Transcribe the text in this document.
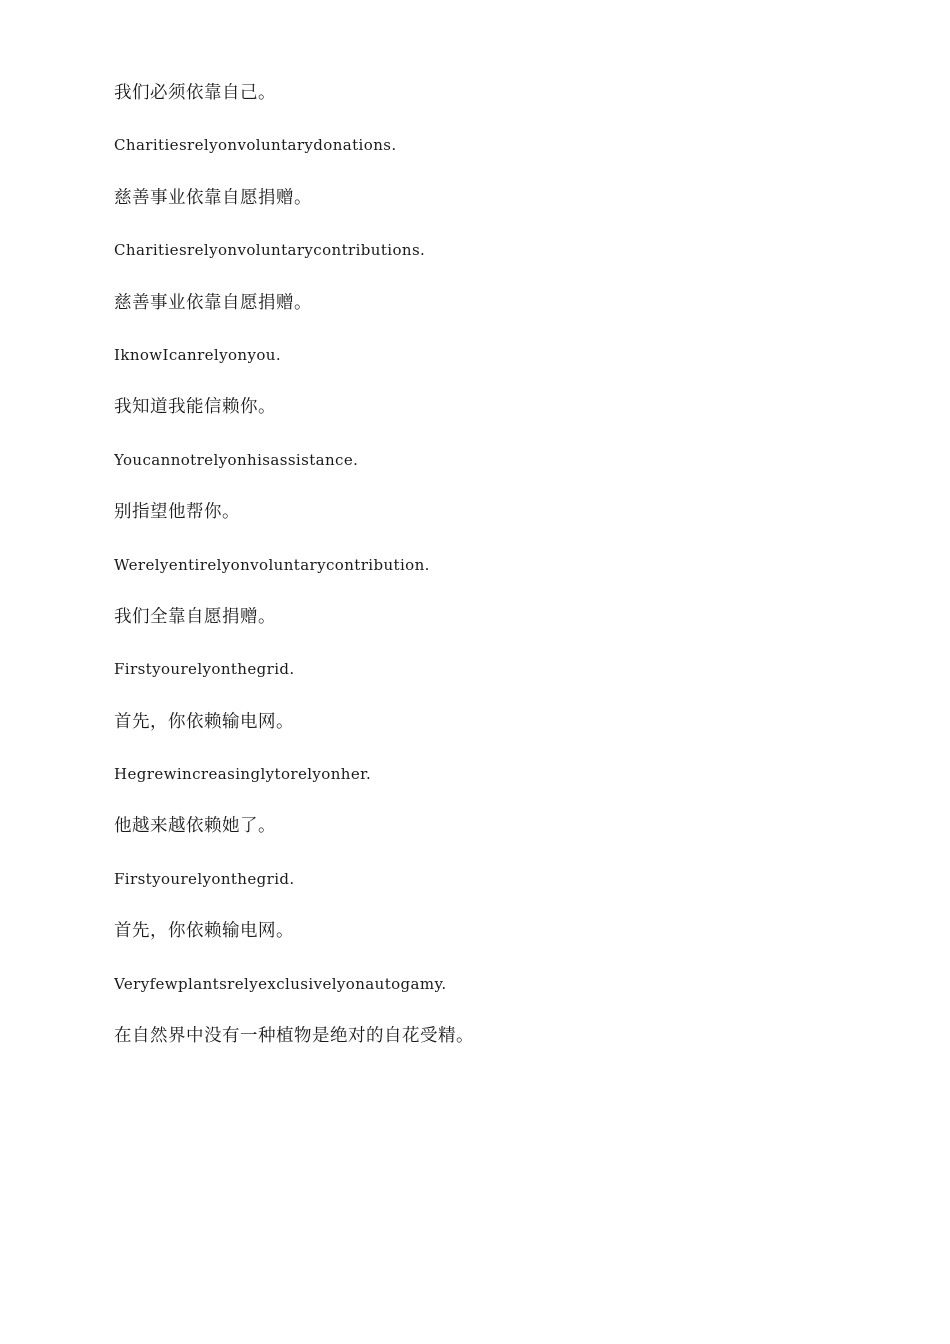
我们必须依靠自己。
Charitiesrelyonvoluntarydonations.
慈善事业依靠自愿捐赠。
Charitiesrelyonvoluntarycontributions.
慈善事业依靠自愿捐赠。
IknowIcanrelyonyou.
我知道我能信赖你。
Youcannotrelyonhisassistance.
别指望他帮你。
Werelyentirelyonvoluntarycontribution.
我们全靠自愿捐赠。
Firstyourelyonthegrid.
首先，你依赖输电网。
Hegrewincreasinglytorelyonher.
他越来越依赖她了。
Firstyourelyonthegrid.
首先，你依赖输电网。
Veryfewplantsrelyexclusivelyonautogamy.
在自然界中没有一种植物是绝对的自花受精。
